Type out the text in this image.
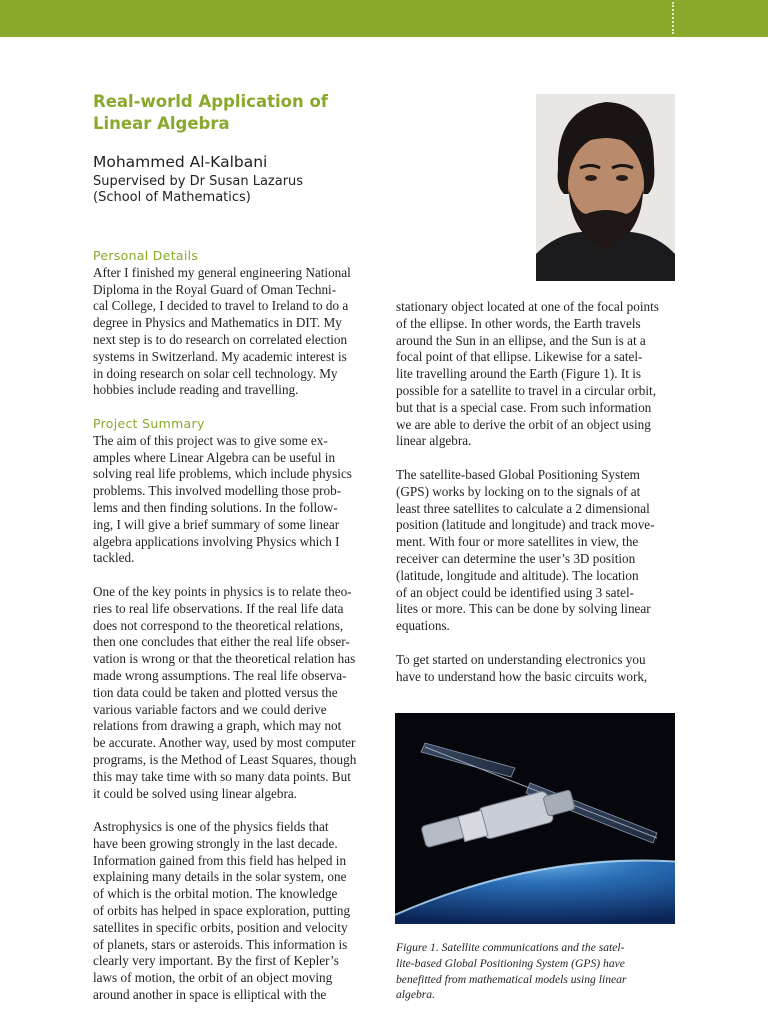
Real-world Application of
Linear Algebra
Mohammed Al-Kalbani
Supervised by Dr Susan Lazarus
(School of Mathematics)

Personal Details

After I finished my general engineering National

Diploma in the Royal Guard of Oman Techni-

cal College, I decided to travel to Ireland to do a

degree in Physics and Mathematics in DIT. My

next step is to do research on correlated election

systems in Switzerland. My academic interest is

in doing research on solar cell technology. My

hobbies include reading and travelling.

Project Summary

The aim of this project was to give some ex-

amples where Linear Algebra can be useful in

solving real life problems, which include physics

problems. This involved modelling those prob-

lems and then finding solutions. In the follow-

ing, I will give a brief summary of some linear

algebra applications involving Physics which I

tackled.

One of the key points in physics is to relate theo-

ries to real life observations. If the real life data

does not correspond to the theoretical relations,

then one concludes that either the real life obser-

vation is wrong or that the theoretical relation has

made wrong assumptions. The real life observa-

tion data could be taken and plotted versus the

various variable factors and we could derive

relations from drawing a graph, which may not

be accurate. Another way, used by most computer

programs, is the Method of Least Squares, though

this may take time with so many data points. But

it could be solved using linear algebra.

Astrophysics is one of the physics fields that

have been growing strongly in the last decade.

Information gained from this field has helped in

explaining many details in the solar system, one

of which is the orbital motion. The knowledge

of orbits has helped in space exploration, putting

satellites in specific orbits, position and velocity

of planets, stars or asteroids. This information is

clearly very important. By the first of Kepler’s

laws of motion, the orbit of an object moving

around another in space is elliptical with the

stationary object located at one of the focal points

of the ellipse. In other words, the Earth travels

around the Sun in an ellipse, and the Sun is at a

focal point of that ellipse. Likewise for a satel-

lite travelling around the Earth (Figure 1). It is

possible for a satellite to travel in a circular orbit,

but that is a special case. From such information

we are able to derive the orbit of an object using

linear algebra.

The satellite-based Global Positioning System

(GPS) works by locking on to the signals of at

least three satellites to calculate a 2 dimensional

position (latitude and longitude) and track move-

ment. With four or more satellites in view, the

receiver can determine the user’s 3D position

(latitude, longitude and altitude). The location

of an object could be identified using 3 satel-

lites or more. This can be done by solving linear

equations.

To get started on understanding electronics you

have to understand how the basic circuits work,

Figure 1. Satellite communications and the satel-

lite-based Global Positioning System (GPS) have

benefitted from mathematical models using linear

algebra.
